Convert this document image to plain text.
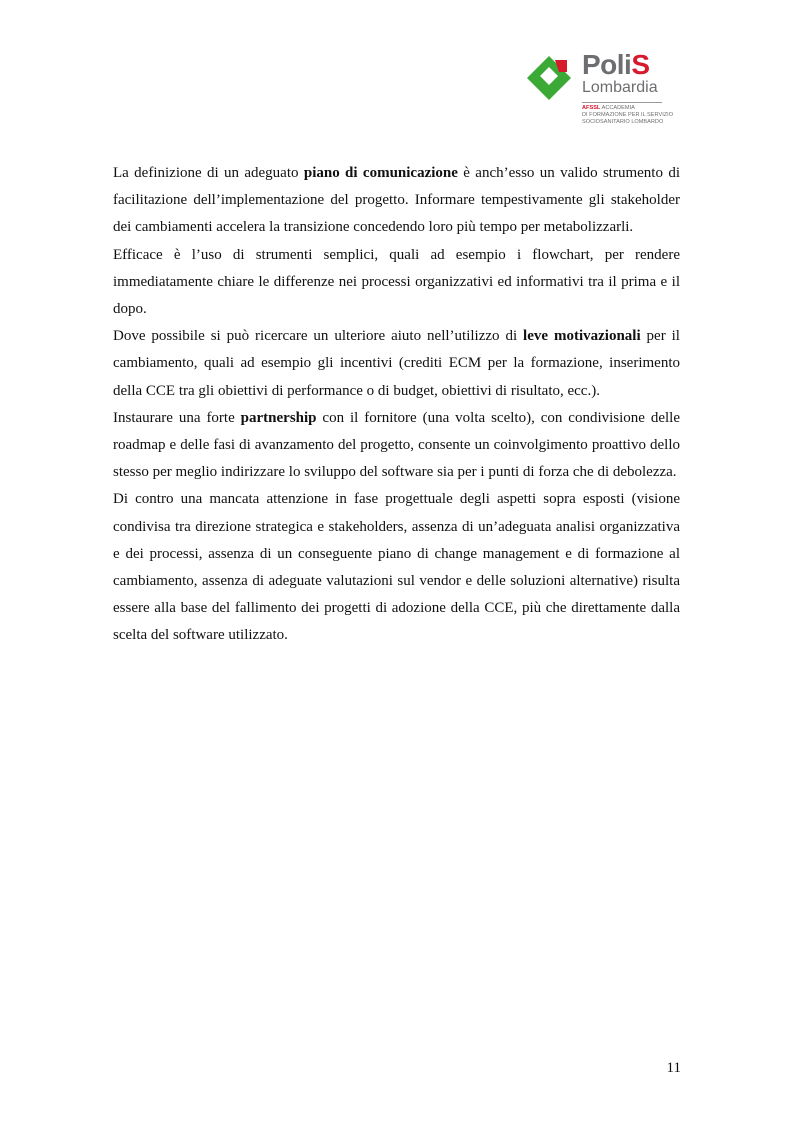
PoliS
Lombardia
AFSSL ACCADEMIA
DI FORMAZIONE PER IL SERVIZIO
SOCIOSANITARIO LOMBARDO

La definizione di un adeguato piano di comunicazione è anch’esso un valido strumento di facilitazione dell’implementazione del progetto. Informare tempestivamente gli stakeholder dei cambiamenti accelera la transizione concedendo loro più tempo per metabolizzarli.

Efficace è l’uso di strumenti semplici, quali ad esempio i flowchart, per rendere immediatamente chiare le differenze nei processi organizzativi ed informativi tra il prima e il dopo.

Dove possibile si può ricercare un ulteriore aiuto nell’utilizzo di leve motivazionali per il cambiamento, quali ad esempio gli incentivi (crediti ECM per la formazione, inserimento della CCE tra gli obiettivi di performance o di budget, obiettivi di risultato, ecc.).

Instaurare una forte partnership con il fornitore (una volta scelto), con condivisione delle roadmap e delle fasi di avanzamento del progetto, consente un coinvolgimento proattivo dello stesso per meglio indirizzare lo sviluppo del software sia per i punti di forza che di debolezza.

Di contro una mancata attenzione in fase progettuale degli aspetti sopra esposti (visione condivisa tra direzione strategica e stakeholders, assenza di un’adeguata analisi organizzativa e dei processi, assenza di un conseguente piano di change management e di formazione al cambiamento, assenza di adeguate valutazioni sul vendor e delle soluzioni alternative) risulta essere alla base del fallimento dei progetti di adozione della CCE, più che direttamente dalla scelta del software utilizzato.

11
